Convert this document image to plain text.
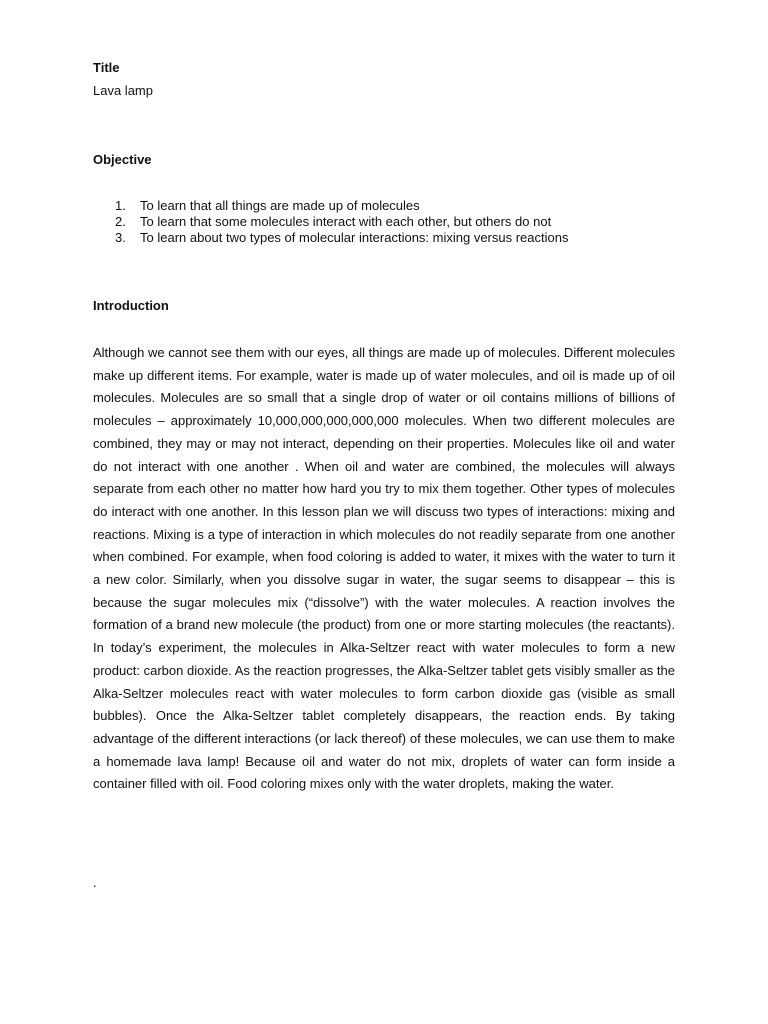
Title

Lava lamp

Objective

1. To learn that all things are made up of molecules
2. To learn that some molecules interact with each other, but others do not
3. To learn about two types of molecular interactions: mixing versus reactions

Introduction

Although we cannot see them with our eyes, all things are made up of molecules. Different molecules make up different items. For example, water is made up of water molecules, and oil is made up of oil molecules. Molecules are so small that a single drop of water or oil contains millions of billions of molecules – approximately 10,000,000,000,000,000 molecules. When two different molecules are combined, they may or may not interact, depending on their properties. Molecules like oil and water do not interact with one another . When oil and water are combined, the molecules will always separate from each other no matter how hard you try to mix them together. Other types of molecules do interact with one another. In this lesson plan we will discuss two types of interactions: mixing and reactions. Mixing is a type of interaction in which molecules do not readily separate from one another when combined. For example, when food coloring is added to water, it mixes with the water to turn it a new color. Similarly, when you dissolve sugar in water, the sugar seems to disappear – this is because the sugar molecules mix (“dissolve”) with the water molecules. A reaction involves the formation of a brand new molecule (the product) from one or more starting molecules (the reactants). In today’s experiment, the molecules in Alka-Seltzer react with water molecules to form a new product: carbon dioxide. As the reaction progresses, the Alka-Seltzer tablet gets visibly smaller as the Alka-Seltzer molecules react with water molecules to form carbon dioxide gas (visible as small bubbles). Once the Alka-Seltzer tablet completely disappears, the reaction ends. By taking advantage of the different interactions (or lack thereof) of these molecules, we can use them to make a homemade lava lamp! Because oil and water do not mix, droplets of water can form inside a container filled with oil. Food coloring mixes only with the water droplets, making the water.

.
